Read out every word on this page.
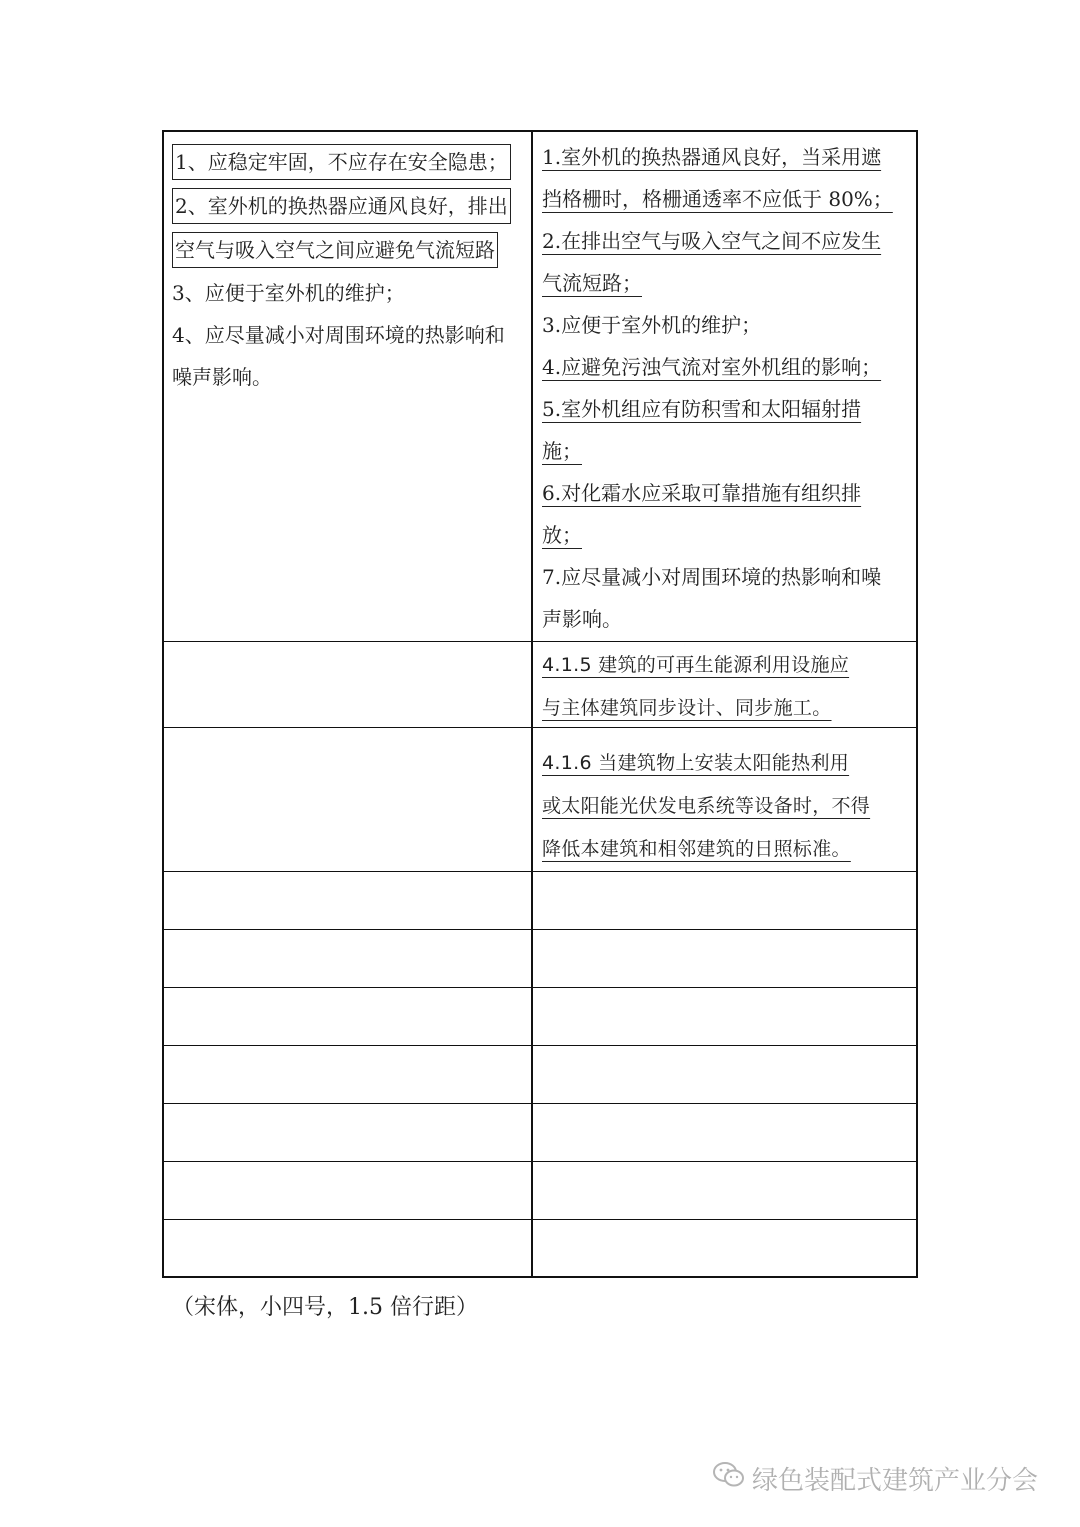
1、应稳定牢固，不应存在安全隐患；
2、室外机的换热器应通风良好，排出
空气与吸入空气之间应避免气流短路
3、应便于室外机的维护；
4、应尽量减小对周围环境的热影响和
噪声影响。
1.室外机的换热器通风良好，当采用遮
挡格栅时，格栅通透率不应低于 80%；
2.在排出空气与吸入空气之间不应发生
气流短路；
3.应便于室外机的维护；
4.应避免污浊气流对室外机组的影响；
5.室外机组应有防积雪和太阳辐射措
施；
6.对化霜水应采取可靠措施有组织排
放；
7.应尽量减小对周围环境的热影响和噪
声影响。
4.1.5 建筑的可再生能源利用设施应
与主体建筑同步设计、同步施工。
4.1.6 当建筑物上安装太阳能热利用
或太阳能光伏发电系统等设备时，不得
降低本建筑和相邻建筑的日照标准。
（宋体，小四号，1.5 倍行距）
绿色装配式建筑产业分会
